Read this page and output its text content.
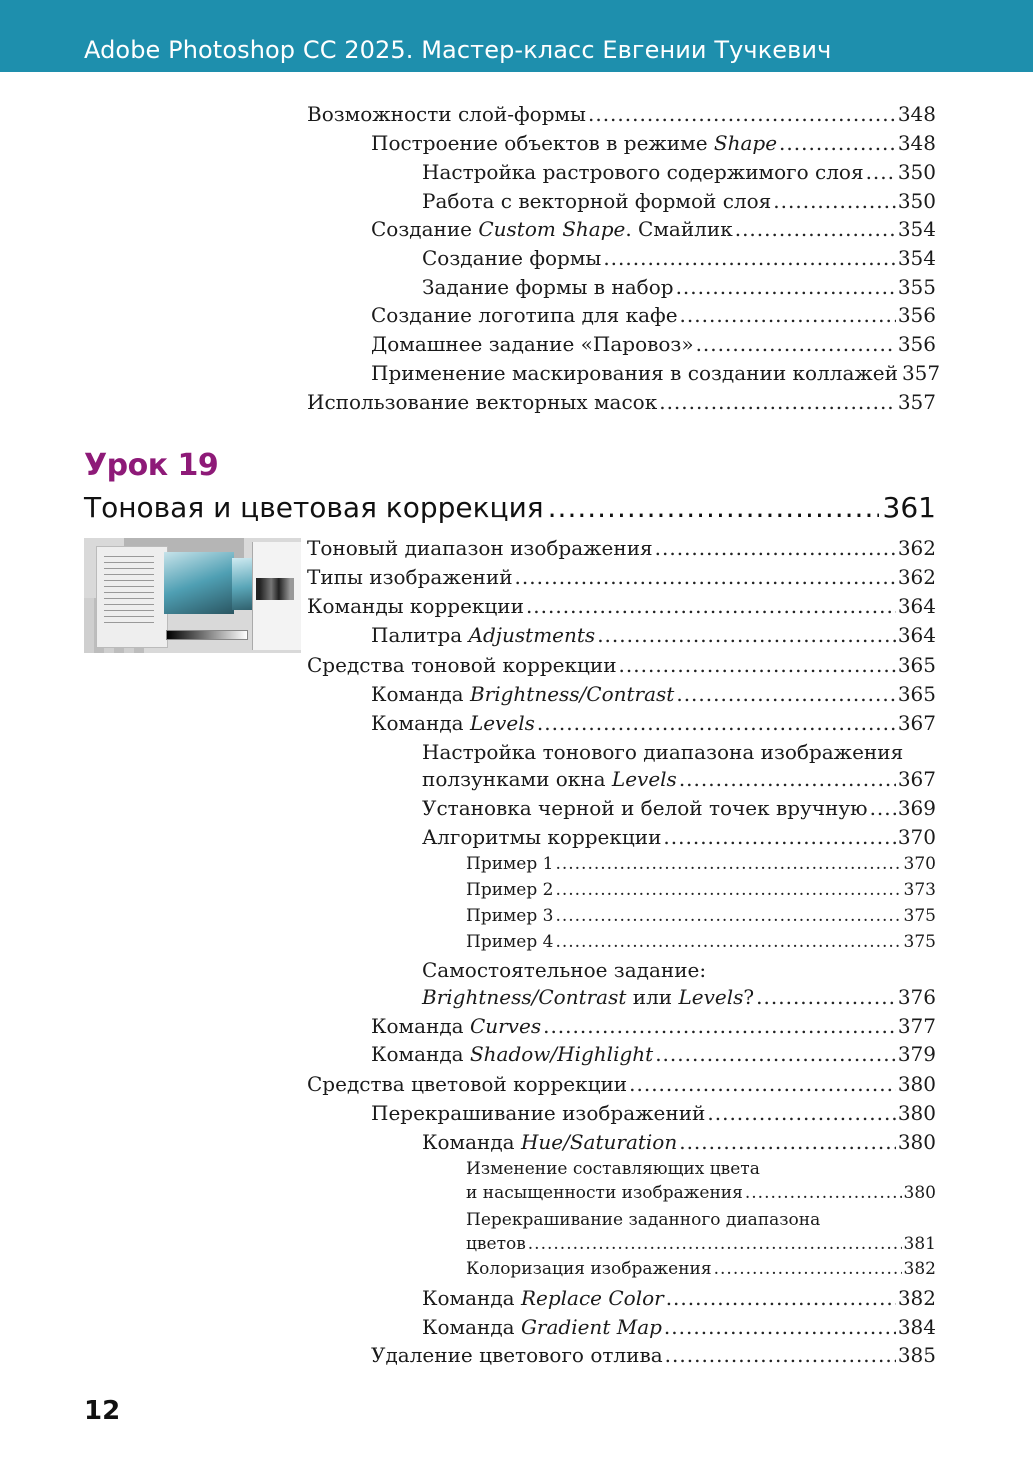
Adobe Photoshop CC 2025. Мастер-класс Евгении Тучкевич
Возможности слой-формы .....	348
Построение объектов в режиме Shape .....	348
Настройка растрового содержимого слоя ..... 350
Работа с векторной формой слоя .....	350
Создание Custom Shape. Смайлик .....	354
Создание формы .....	354
Задание формы в набор .....	355
Создание логотипа для кафе .....	356
Домашнее задание «Паровоз» .....	356
Применение маскирования в создании коллажей 357
Использование векторных масок .....	357
Урок 19
Тоновая и цветовая коррекция .....	361
Тоновый диапазон изображения .....	362
Типы изображений .....	362
Команды коррекции .....	364
Палитра Adjustments .....	364
Средства тоновой коррекции .....	365
Команда Brightness/Contrast .....	365
Команда Levels .....	367
Настройка тонового диапазона изображения
ползунками окна Levels .....	367
Установка черной и белой точек вручную ..... 369
Алгоритмы коррекции .....	370
Пример 1 .....	370
Пример 2 .....	373
Пример 3 .....	375
Пример 4 .....	375
Самостоятельное задание:
Brightness/Contrast или Levels? .....	376
Команда Curves .....	377
Команда Shadow/Highlight .....	379
Средства цветовой коррекции .....	380
Перекрашивание изображений .....	380
Команда Hue/Saturation .....	380
Изменение составляющих цвета
и насыщенности изображения .....	380
Перекрашивание заданного диапазона
цветов .....	381
Колоризация изображения .....	382
Команда Replace Color .....	382
Команда Gradient Map .....	384
Удаление цветового отлива .....	385
12
